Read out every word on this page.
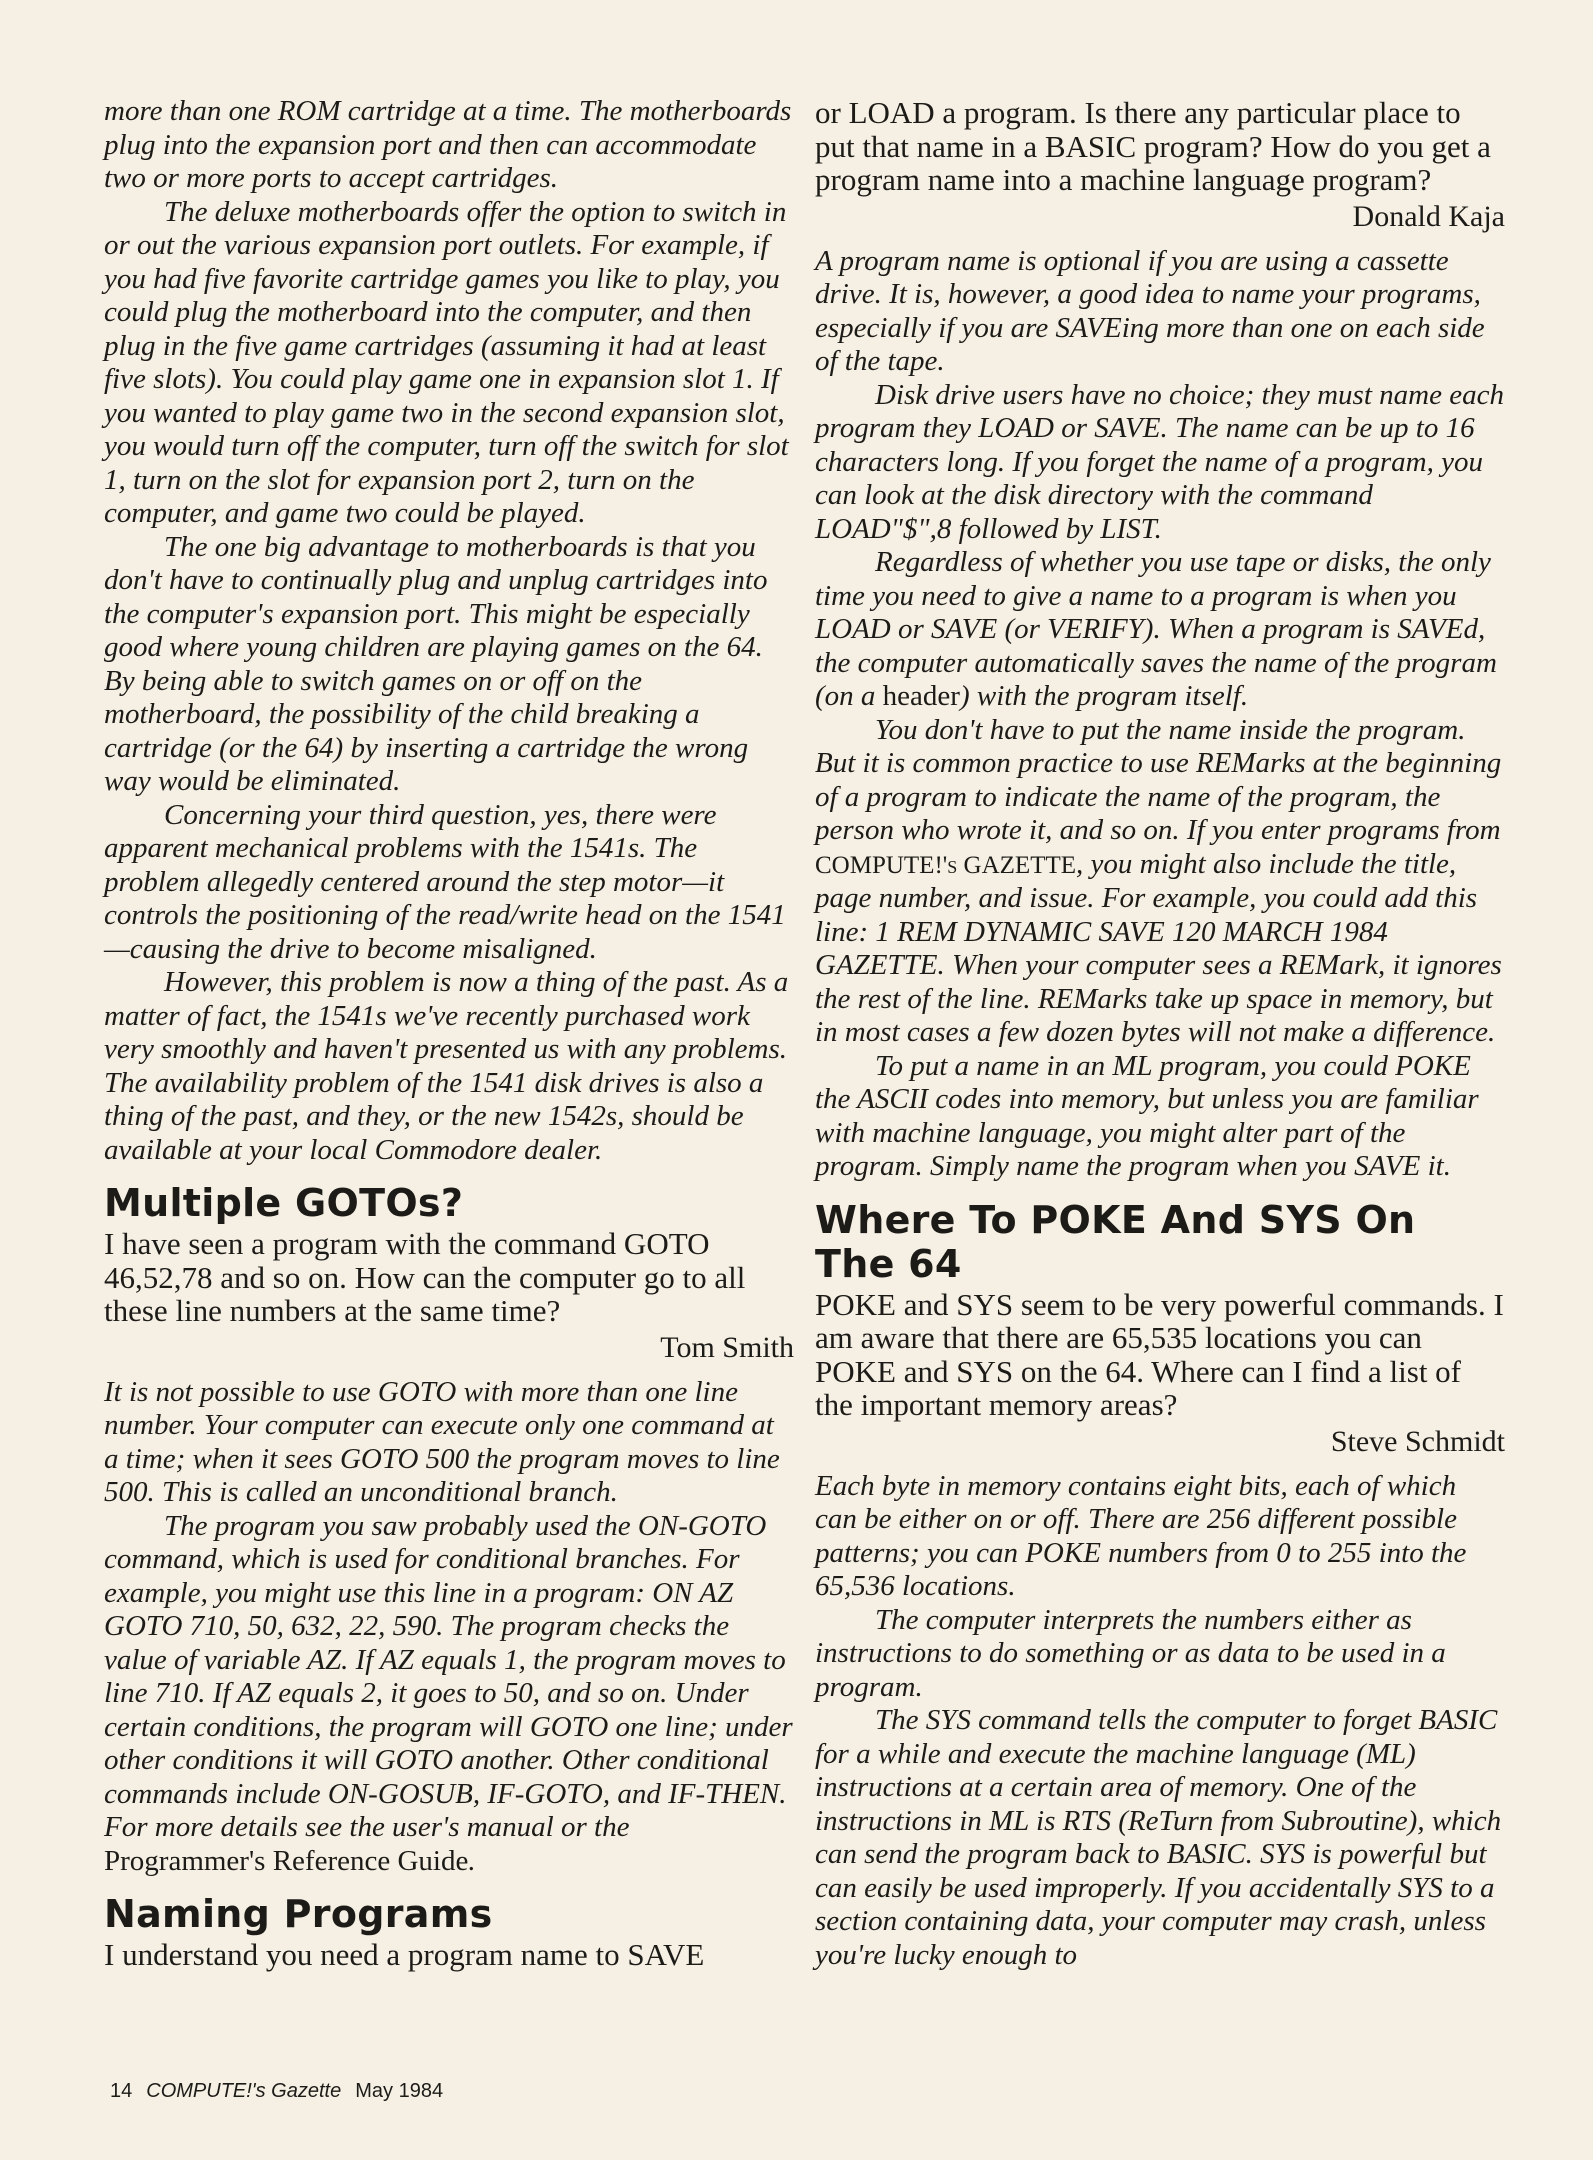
more than one ROM cartridge at a time. The motherboards plug into the expansion port and then can accommodate two or more ports to accept cartridges.

The deluxe motherboards offer the option to switch in or out the various expansion port outlets. For example, if you had five favorite cartridge games you like to play, you could plug the motherboard into the computer, and then plug in the five game cartridges (assuming it had at least five slots). You could play game one in expansion slot 1. If you wanted to play game two in the second expansion slot, you would turn off the computer, turn off the switch for slot 1, turn on the slot for expansion port 2, turn on the computer, and game two could be played.

The one big advantage to motherboards is that you don't have to continually plug and unplug cartridges into the computer's expansion port. This might be especially good where young children are playing games on the 64. By being able to switch games on or off on the motherboard, the possibility of the child breaking a cartridge (or the 64) by inserting a cartridge the wrong way would be eliminated.

Concerning your third question, yes, there were apparent mechanical problems with the 1541s. The problem allegedly centered around the step motor—it controls the positioning of the read/write head on the 1541—causing the drive to become misaligned.

However, this problem is now a thing of the past. As a matter of fact, the 1541s we've recently purchased work very smoothly and haven't presented us with any problems. The availability problem of the 1541 disk drives is also a thing of the past, and they, or the new 1542s, should be available at your local Commodore dealer.

Multiple GOTOs?

I have seen a program with the command GOTO 46,52,78 and so on. How can the computer go to all these line numbers at the same time?

Tom Smith

It is not possible to use GOTO with more than one line number. Your computer can execute only one command at a time; when it sees GOTO 500 the program moves to line 500. This is called an unconditional branch.

The program you saw probably used the ON-GOTO command, which is used for conditional branches. For example, you might use this line in a program: ON AZ GOTO 710, 50, 632, 22, 590. The program checks the value of variable AZ. If AZ equals 1, the program moves to line 710. If AZ equals 2, it goes to 50, and so on. Under certain conditions, the program will GOTO one line; under other conditions it will GOTO another. Other conditional commands include ON-GOSUB, IF-GOTO, and IF-THEN. For more details see the user's manual or the Programmer's Reference Guide.

Naming Programs

I understand you need a program name to SAVE

or LOAD a program. Is there any particular place to put that name in a BASIC program? How do you get a program name into a machine language program?

Donald Kaja

A program name is optional if you are using a cassette drive. It is, however, a good idea to name your programs, especially if you are SAVEing more than one on each side of the tape.

Disk drive users have no choice; they must name each program they LOAD or SAVE. The name can be up to 16 characters long. If you forget the name of a program, you can look at the disk directory with the command LOAD"$",8 followed by LIST.

Regardless of whether you use tape or disks, the only time you need to give a name to a program is when you LOAD or SAVE (or VERIFY). When a program is SAVEd, the computer automatically saves the name of the program (on a header) with the program itself.

You don't have to put the name inside the program. But it is common practice to use REMarks at the beginning of a program to indicate the name of the program, the person who wrote it, and so on. If you enter programs from COMPUTE!'s GAZETTE, you might also include the title, page number, and issue. For example, you could add this line: 1 REM DYNAMIC SAVE 120 MARCH 1984 GAZETTE. When your computer sees a REMark, it ignores the rest of the line. REMarks take up space in memory, but in most cases a few dozen bytes will not make a difference.

To put a name in an ML program, you could POKE the ASCII codes into memory, but unless you are familiar with machine language, you might alter part of the program. Simply name the program when you SAVE it.

Where To POKE And SYS On The 64

POKE and SYS seem to be very powerful commands. I am aware that there are 65,535 locations you can POKE and SYS on the 64. Where can I find a list of the important memory areas?

Steve Schmidt

Each byte in memory contains eight bits, each of which can be either on or off. There are 256 different possible patterns; you can POKE numbers from 0 to 255 into the 65,536 locations.

The computer interprets the numbers either as instructions to do something or as data to be used in a program.

The SYS command tells the computer to forget BASIC for a while and execute the machine language (ML) instructions at a certain area of memory. One of the instructions in ML is RTS (ReTurn from Subroutine), which can send the program back to BASIC. SYS is powerful but can easily be used improperly. If you accidentally SYS to a section containing data, your computer may crash, unless you're lucky enough to

14 COMPUTE!'s Gazette May 1984
